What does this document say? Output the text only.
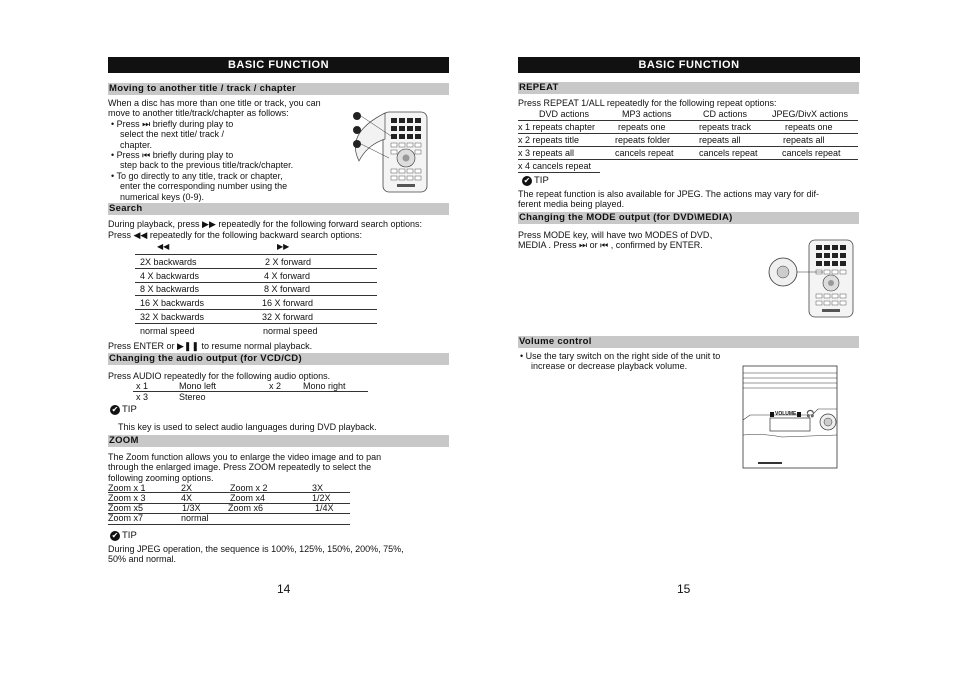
BASIC FUNCTION
Moving to another title / track / chapter
When a disc has more than one title or track, you can
move to another title/track/chapter as follows:
• Press ⏭ briefly during play to
select the next title/ track /
chapter.
• Press ⏮ briefly during play to
step back to the previous title/track/chapter.
• To go directly to any title, track or chapter,
enter the corresponding number using the
numerical keys (0-9).
Search
During playback, press ▶▶ repeatedly for the following forward search options:
Press ◀◀ repeatedly for the following backward search options:
◀◀	▶▶
2X backwards	2 X forward
4 X backwards	4 X forward
8 X backwards	8 X forward
16 X backwards	16 X forward
32 X backwards	32 X forward
normal speed	normal speed
Press ENTER or ▶❚❚ to resume normal playback.
Changing the audio output (for VCD/CD)
Press AUDIO repeatedly for the following audio options.
x 1	Mono left	x 2 Mono right
x 3	Stereo
✔ TIP
This key is used to select audio languages during DVD playback.
ZOOM
The Zoom function allows you to enlarge the video image and to pan
through the enlarged image. Press ZOOM repeatedly to select the
following zooming options.
Zoom x 1	2X	Zoom x 2	3X
Zoom x 3	4X	Zoom x4	1/2X
Zoom x5	1/3X	Zoom x6	1/4X
Zoom x7	normal
✔ TIP
During JPEG operation, the sequence is 100%, 125%, 150%, 200%, 75%,
50% and normal.
14
BASIC FUNCTION
REPEAT
Press REPEAT 1/ALL repeatedly for the following repeat options:
DVD actions	MP3 actions	CD actions	JPEG/DivX actions
x 1 repeats chapter	repeats one	repeats track	repeats one
x 2 repeats title	repeats folder	repeats all	repeats all
x 3 repeats all	cancels repeat	cancels repeat	cancels repeat
x 4 cancels repeat
✔ TIP
The repeat function is also available for JPEG. The actions may vary for dif-
ferent media being played.
Changing the MODE output (for DVD\MEDIA)
Press MODE key, will have two MODES of DVD、
MEDIA . Press ⏭ or ⏮ , confirmed by ENTER.
Volume control
• Use the tary switch on the right side of the unit to
increase or decrease playback volume.
VOLUME 🎧
15
